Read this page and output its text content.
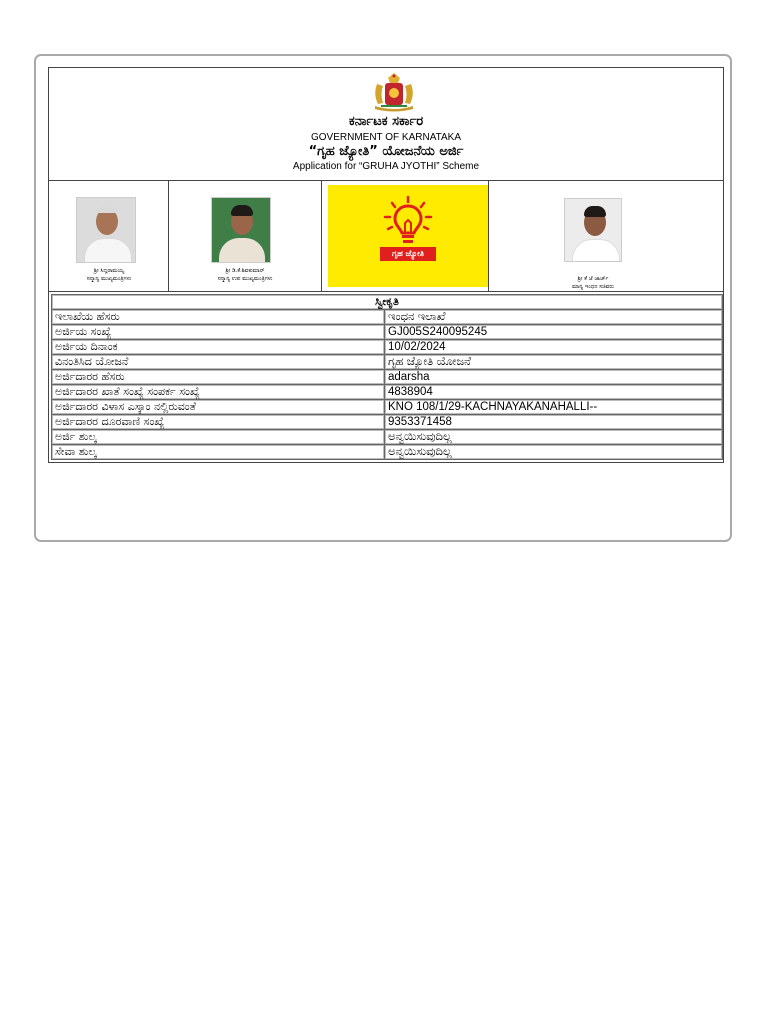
ಕರ್ನಾಟಕ ಸರ್ಕಾರ
GOVERNMENT OF KARNATAKA
“ಗೃಹ ಜ್ಯೋತಿ” ಯೋಜನೆಯ ಅರ್ಜಿ
Application for “GRUHA JYOTHI” Scheme
ಶ್ರೀ ಸಿದ್ದರಾಮಯ್ಯ
ಸನ್ಮಾನ್ಯ ಮುಖ್ಯಮಂತ್ರಿಗಳು
ಶ್ರೀ ಡಿ.ಕೆ.ಶಿವಕುಮಾರ್
ಸನ್ಮಾನ್ಯ ಉಪ ಮುಖ್ಯಮಂತ್ರಿಗಳು
ಗೃಹ ಜ್ಯೋತಿ
ಶ್ರೀ ಕೆ ಜೆ ಜಾರ್ಜ್
ಮಾನ್ಯ ಇಂಧನ ಸಚಿವರು
ಸ್ವೀಕೃತಿ	
ಇಲಾಖೆಯ ಹೆಸರು	ಇಂಧನ ಇಲಾಖೆ
ಅರ್ಜಿಯ ಸಂಖ್ಯೆ	GJ005S240095245
ಅರ್ಜಿಯ ದಿನಾಂಕ	10/02/2024
ವಿನಂತಿಸಿದ ಯೋಜನೆ	ಗೃಹ ಜ್ಯೋತಿ ಯೋಜನೆ
ಅರ್ಜಿದಾರರ ಹೆಸರು	adarsha
ಅರ್ಜಿದಾರರ ಖಾತೆ ಸಂಖ್ಯೆ ಸಂಪರ್ಕ ಸಂಖ್ಯೆ	4838904
ಅರ್ಜಿದಾರರ ವಿಳಾಸ ಎಸ್ಕಾಂ ನಲ್ಲಿರುವಂತೆ	KNO 108/1/29-KACHNAYAKANAHALLI--
ಅರ್ಜಿದಾರರ ದೂರವಾಣಿ ಸಂಖ್ಯೆ	9353371458
ಅರ್ಜಿ ಶುಲ್ಕ	ಅನ್ವಯಿಸುವುದಿಲ್ಲ
ಸೇವಾ ಶುಲ್ಕ	ಅನ್ವಯಿಸುವುದಿಲ್ಲ
